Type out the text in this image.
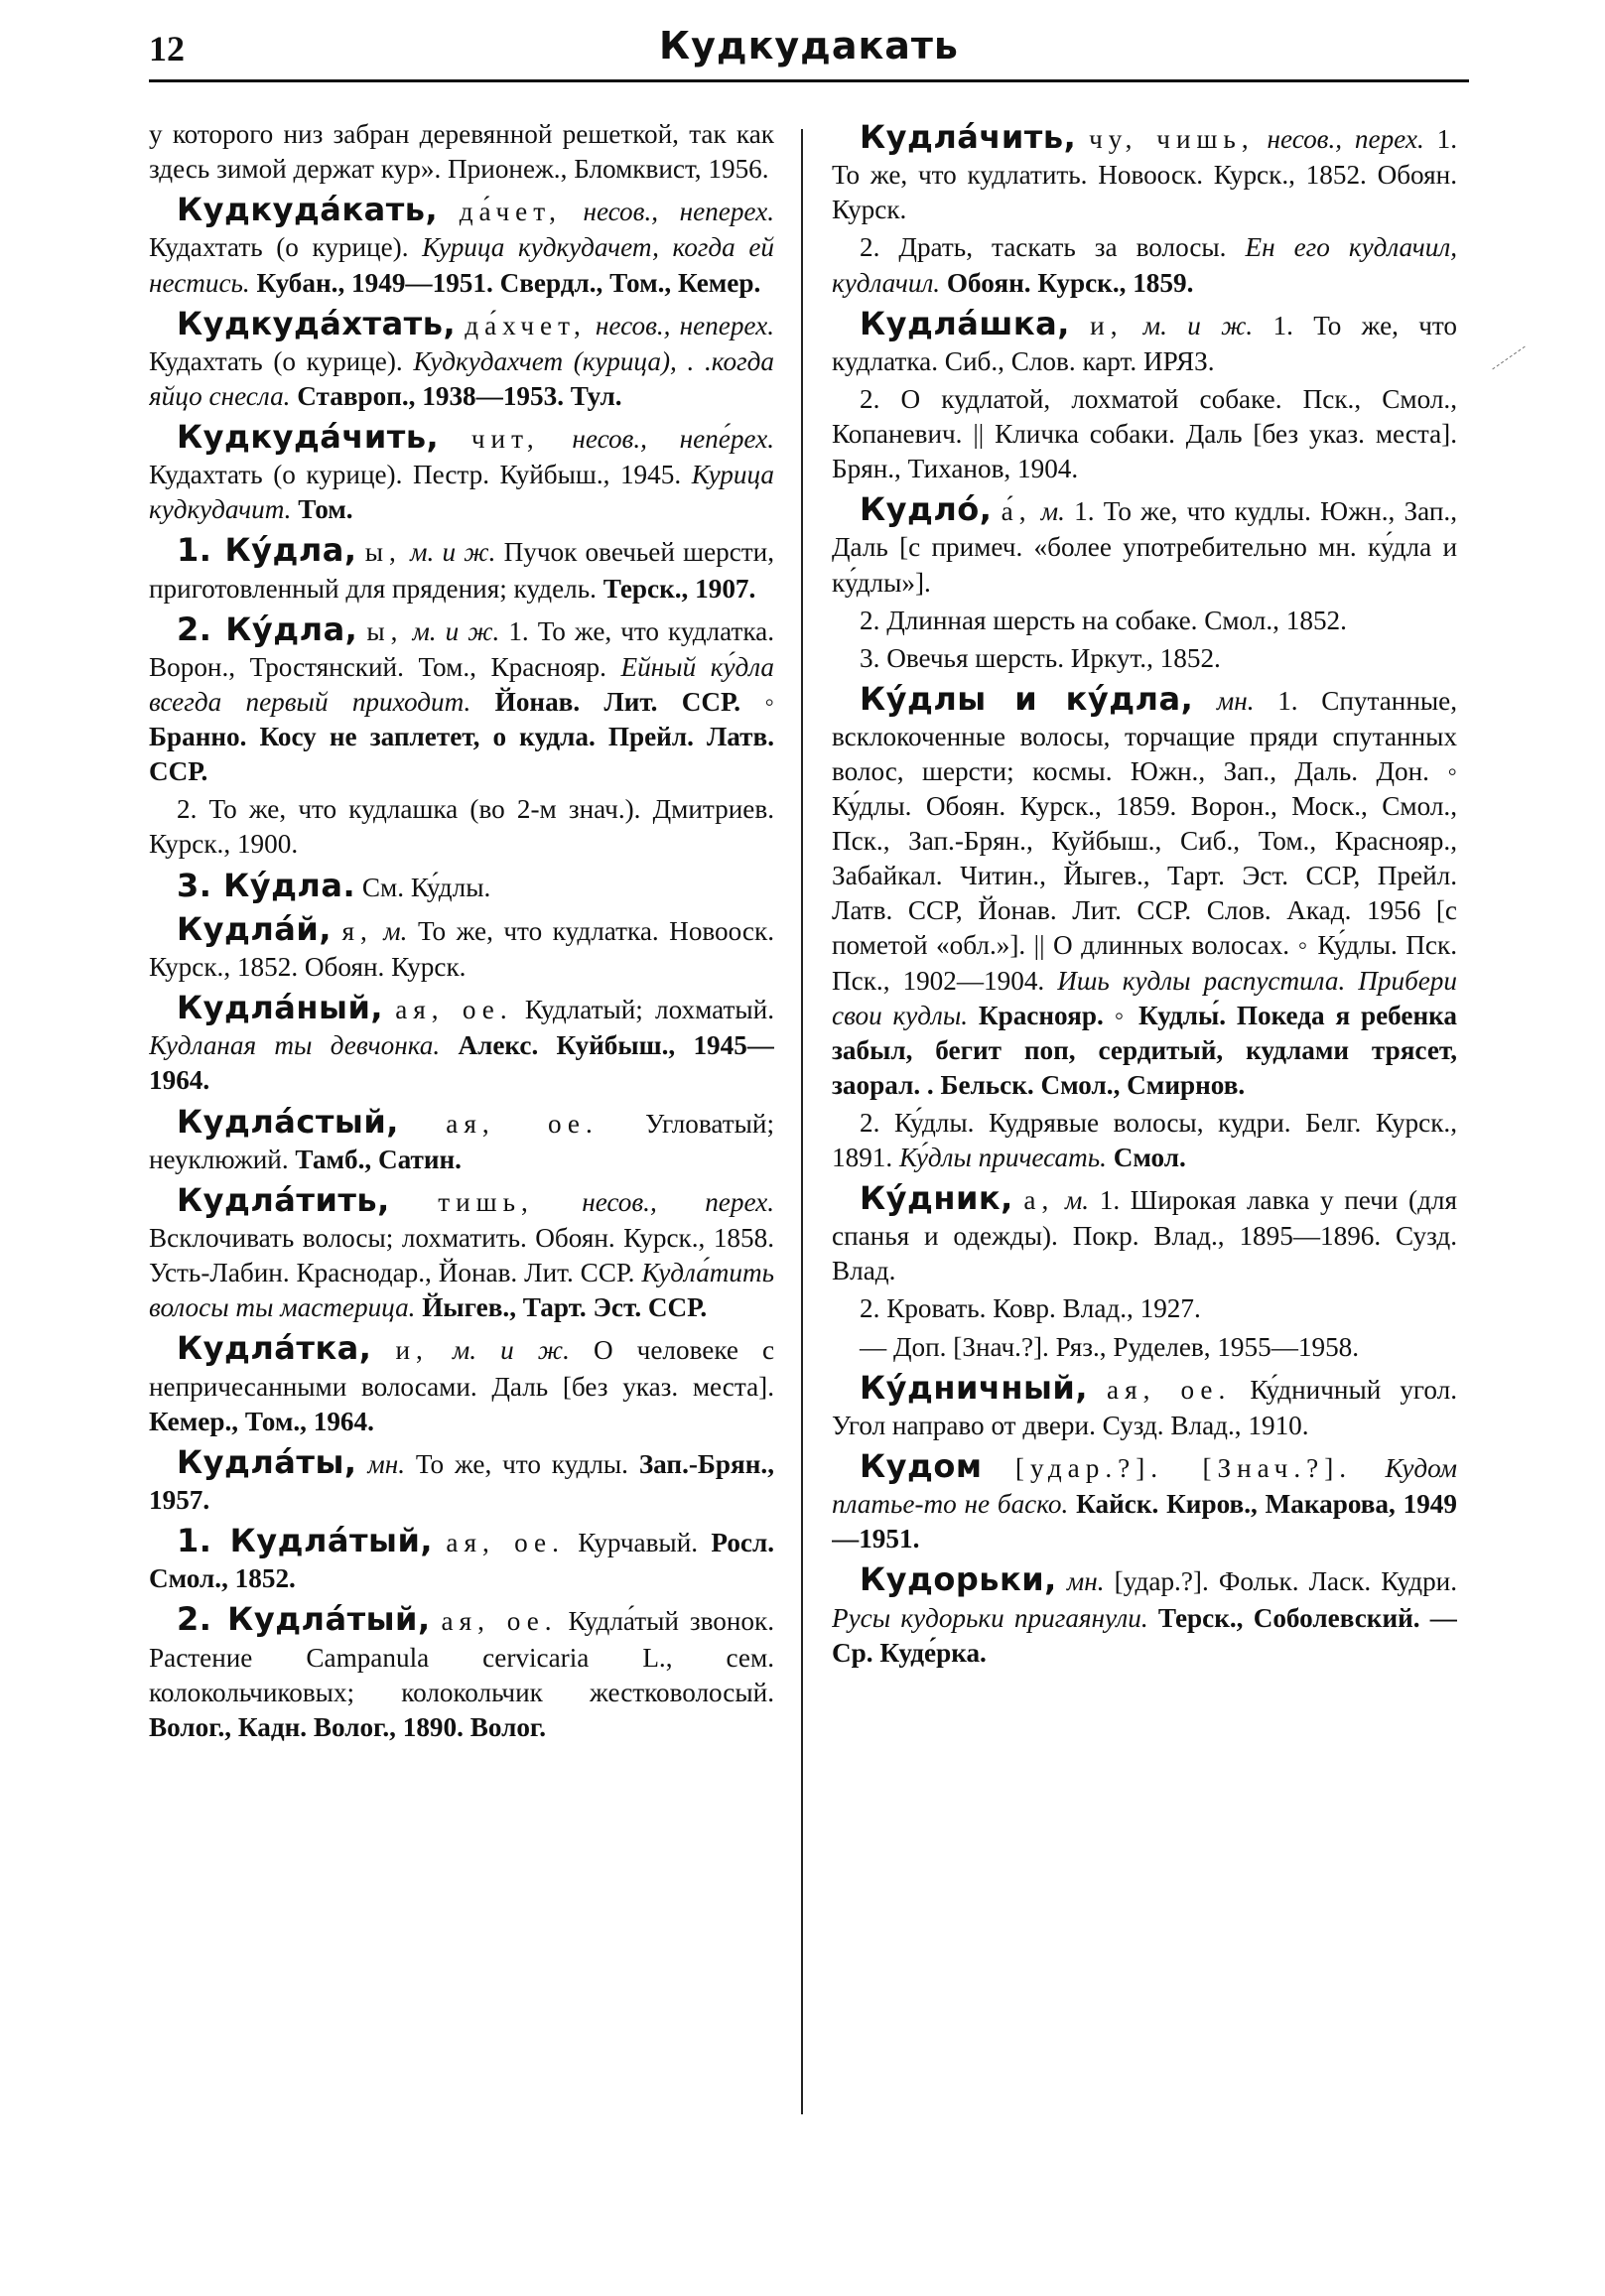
12	Кудкудакать

у которого низ забран деревянной решеткой, так как здесь зимой держат кур». Прионеж., Бломквист, 1956.

Кудкуда́кать, да́чет, несов., неперех. Кудахтать (о курице). Курица кудкудачет, когда ей нестись. Кубан., 1949—1951. Свердл., Том., Кемер.

Кудкуда́хтать, да́хчет, несов., неперех. Кудахтать (о курице). Кудкудахчет (курица), . .когда яйцо снесла. Ставроп., 1938—1953. Тул.

Кудкуда́чить, чит, несов., непе́рех. Кудахтать (о курице). Пестр. Куйбыш., 1945. Курица кудкудачит. Том.

1. Ку́дла, ы, м. и ж. Пучок овечьей шерсти, приготовленный для прядения; кудель. Терск., 1907.

2. Ку́дла, ы, м. и ж. 1. То же, что кудлатка. Ворон., Тростянский. Том., Краснояр. Ейный ку́дла всегда первый приходит. Йонав. Лит. ССР. ◦ Бранно. Косу не заплетет, о кудла. Прейл. Латв. ССР.

2. То же, что кудлашка (во 2-м знач.). Дмитриев. Курск., 1900.

3. Ку́дла. См. Ку́длы.

Кудла́й, я, м. То же, что кудлатка. Новооск. Курск., 1852. Обоян. Курск.

Кудла́ный, ая, ое. Кудлатый; лохматый. Кудланая ты девчонка. Алекс. Куйбыш., 1945—1964.

Кудла́стый, ая, ое. Угловатый; неуклюжий. Тамб., Сатин.

Кудла́тить, тишь, несов., перех. Всклочивать волосы; лохматить. Обоян. Курск., 1858. Усть-Лабин. Краснодар., Йонав. Лит. ССР. Кудла́тить волосы ты мастерица. Йыгев., Тарт. Эст. ССР.

Кудла́тка, и, м. и ж. О человеке с непричесанными волосами. Даль [без указ. места]. Кемер., Том., 1964.

Кудла́ты, мн. То же, что кудлы. Зап.-Брян., 1957.

1. Кудла́тый, ая, ое. Курчавый. Росл. Смол., 1852.

2. Кудла́тый, ая, ое. Кудла́тый звонок. Растение Campanula cervicaria L., сем. колокольчиковых; колокольчик жестковолосый. Волог., Кадн. Волог., 1890. Волог.

Кудла́чить, чу, чишь, несов., перех. 1. То же, что кудлатить. Новооск. Курск., 1852. Обоян. Курск.

2. Драть, таскать за волосы. Ен его кудлачил, кудлачил. Обоян. Курск., 1859.

Кудла́шка, и, м. и ж. 1. То же, что кудлатка. Сиб., Слов. карт. ИРЯЗ.

2. О кудлатой, лохматой собаке. Пск., Смол., Копаневич. || Кличка собаки. Даль [без указ. места]. Брян., Тиханов, 1904.

Кудло́, а́, м. 1. То же, что кудлы. Южн., Зап., Даль [с примеч. «более употребительно мн. ку́дла и ку́длы»].

2. Длинная шерсть на собаке. Смол., 1852.

3. Овечья шерсть. Иркут., 1852.

Ку́длы и ку́дла, мн. 1. Спутанные, всклокоченные волосы, торчащие пряди спутанных волос, шерсти; космы. Южн., Зап., Даль. Дон. ◦ Ку́длы. Обоян. Курск., 1859. Ворон., Моск., Смол., Пск., Зап.-Брян., Куйбыш., Сиб., Том., Краснояр., Забайкал. Читин., Йыгев., Тарт. Эст. ССР, Прейл. Латв. ССР, Йонав. Лит. ССР. Слов. Акад. 1956 [с пометой «обл.»]. || О длинных волосах. ◦ Ку́длы. Пск. Пск., 1902—1904. Ишь кудлы распустила. Прибери свои кудлы. Краснояр. ◦ Кудлы́. Покеда я ребенка забыл, бегит поп, сердитый, кудлами трясет, заорал. . Бельск. Смол., Смирнов.

2. Ку́длы. Кудрявые волосы, кудри. Белг. Курск., 1891. Ку́длы причесать. Смол.

Ку́дник, а, м. 1. Широкая лавка у печи (для спанья и одежды). Покр. Влад., 1895—1896. Сузд. Влад.

2. Кровать. Ковр. Влад., 1927.

— Доп. [Знач.?]. Ряз., Руделев, 1955—1958.

Ку́дничный, ая, ое. Ку́дничный угол. Угол направо от двери. Сузд. Влад., 1910.

Кудом [удар.?]. [Знач.?]. Кудом платье-то не баско. Кайск. Киров., Макарова, 1949—1951.

Кудорьки, мн. [удар.?]. Фольк. Ласк. Кудри. Русы кудорьки пригаянули. Терск., Соболевский. — Ср. Куде́рка.
